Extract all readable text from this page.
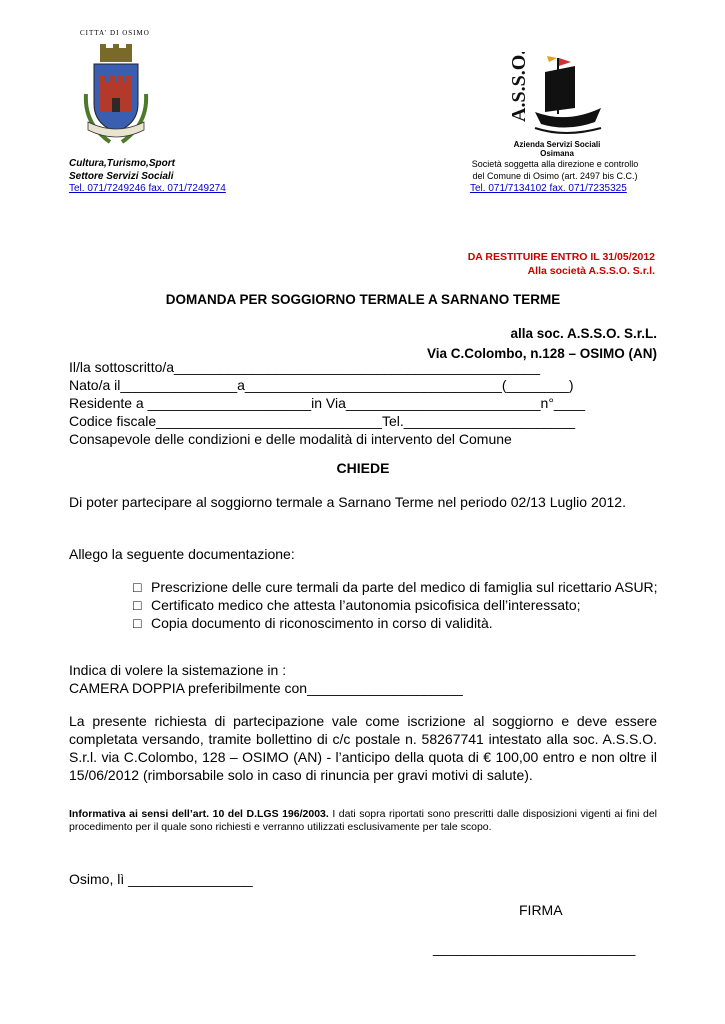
CITTA' DI OSIMO
Cultura,Turismo,Sport
Settore Servizi Sociali
Tel. 071/7249246 fax. 071/7249274
A.S.S.O.
Azienda Servizi Sociali
Osimana
Società soggetta alla direzione e controllo
del Comune di Osimo (art. 2497 bis C.C.)
Tel. 071/7134102 fax. 071/7235325
DA RESTITUIRE ENTRO IL 31/05/2012
Alla società A.S.S.O. S.r.l.
DOMANDA PER SOGGIORNO TERMALE A SARNANO TERME
alla soc. A.S.S.O. S.r.L.
Via C.Colombo, n.128 – OSIMO (AN)
Il/la sottoscritto/a_______________________________________________
Nato/a il_______________a_________________________________(________)
Residente a _____________________in Via_________________________n°____
Codice fiscale_____________________________Tel.______________________
Consapevole delle condizioni e delle modalità di intervento del Comune
CHIEDE
Di poter partecipare al soggiorno termale a Sarnano Terme nel periodo 02/13 Luglio 2012.
Allego la seguente documentazione:
□ Prescrizione delle cure termali da parte del medico di famiglia sul ricettario ASUR;
□ Certificato medico che attesta l’autonomia psicofisica dell’interessato;
□ Copia documento di riconoscimento in corso di validità.
Indica di volere la sistemazione in :
CAMERA DOPPIA preferibilmente con____________________
La presente richiesta di partecipazione vale come iscrizione al soggiorno e deve essere completata versando, tramite bollettino di c/c postale n. 58267741 intestato alla soc. A.S.S.O. S.r.l. via C.Colombo, 128 – OSIMO (AN) - l’anticipo della quota di € 100,00 entro e non oltre il 15/06/2012 (rimborsabile solo in caso di rinuncia per gravi motivi di salute).
Informativa ai sensi dell’art. 10 del D.LGS 196/2003. I dati sopra riportati sono prescritti dalle disposizioni vigenti ai fini del procedimento per il quale sono richiesti e verranno utilizzati esclusivamente per tale scopo.
Osimo, lì ________________
FIRMA
__________________________
